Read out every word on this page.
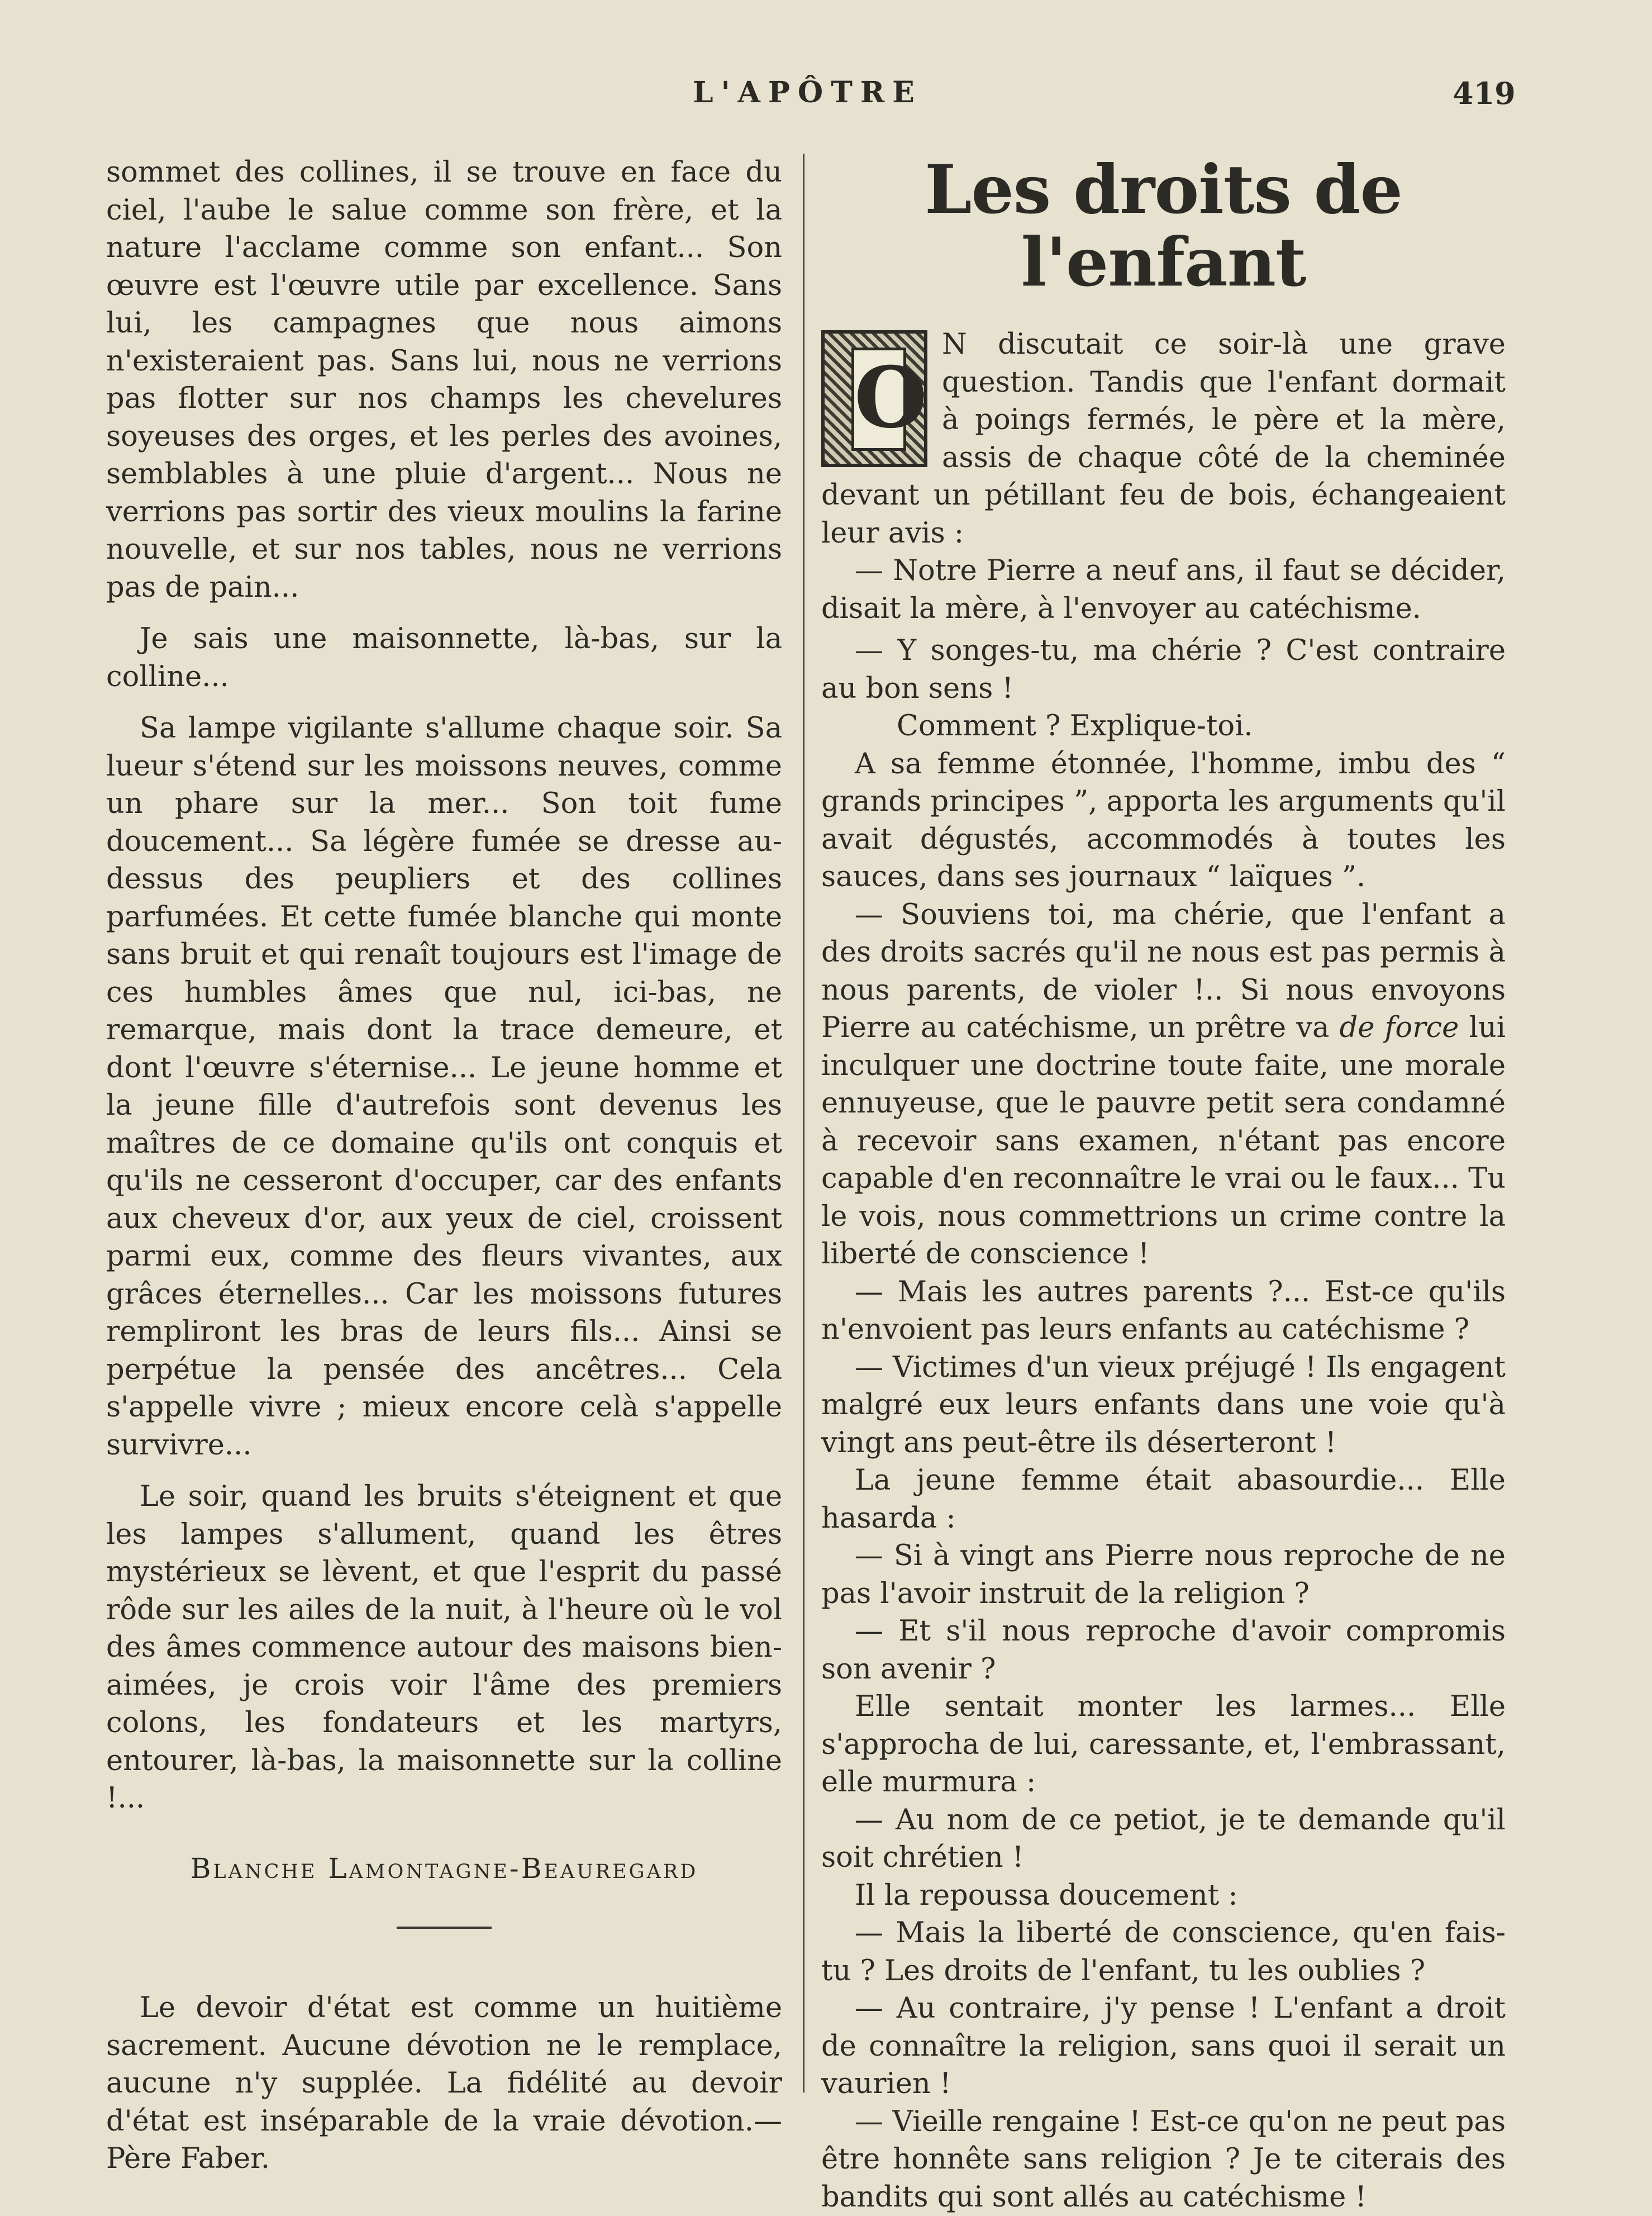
L'APÔTRE	419

sommet des collines, il se trouve en face du ciel, l'aube le salue comme son frère, et la nature l'acclame comme son enfant... Son œuvre est l'œuvre utile par excellence. Sans lui, les campagnes que nous aimons n'existeraient pas. Sans lui, nous ne verrions pas flotter sur nos champs les chevelures soyeuses des orges, et les perles des avoines, semblables à une pluie d'argent... Nous ne verrions pas sortir des vieux moulins la farine nouvelle, et sur nos tables, nous ne verrions pas de pain...

Je sais une maisonnette, là-bas, sur la colline...

Sa lampe vigilante s'allume chaque soir. Sa lueur s'étend sur les moissons neuves, comme un phare sur la mer... Son toit fume doucement... Sa légère fumée se dresse au-dessus des peupliers et des collines parfumées. Et cette fumée blanche qui monte sans bruit et qui renaît toujours est l'image de ces humbles âmes que nul, ici-bas, ne remarque, mais dont la trace demeure, et dont l'œuvre s'éternise... Le jeune homme et la jeune fille d'autrefois sont devenus les maîtres de ce domaine qu'ils ont conquis et qu'ils ne cesseront d'occuper, car des enfants aux cheveux d'or, aux yeux de ciel, croissent parmi eux, comme des fleurs vivantes, aux grâces éternelles... Car les moissons futures rempliront les bras de leurs fils... Ainsi se perpétue la pensée des ancêtres... Cela s'appelle vivre ; mieux encore celà s'appelle survivre...

Le soir, quand les bruits s'éteignent et que les lampes s'allument, quand les êtres mystérieux se lèvent, et que l'esprit du passé rôde sur les ailes de la nuit, à l'heure où le vol des âmes commence autour des maisons bien-aimées, je crois voir l'âme des premiers colons, les fondateurs et les martyrs, entourer, là-bas, la maisonnette sur la colline !...

Blanche Lamontagne-Beauregard

Le devoir d'état est comme un huitième sacrement. Aucune dévotion ne le remplace, aucune n'y supplée. La fidélité au devoir d'état est inséparable de la vraie dévotion.— Père Faber.

Les droits de l'enfant
O

N discutait ce soir-là une grave question. Tandis que l'enfant dormait à poings fermés, le père et la mère, assis de chaque côté de la cheminée devant un pétillant feu de bois, échangeaient leur avis :

— Notre Pierre a neuf ans, il faut se décider, disait la mère, à l'envoyer au catéchisme.

— Y songes-tu, ma chérie ? C'est contraire au bon sens !

Comment ? Explique-toi.

A sa femme étonnée, l'homme, imbu des “ grands principes ”, apporta les arguments qu'il avait dégustés, accommodés à toutes les sauces, dans ses journaux “ laïques ”.

— Souviens toi, ma chérie, que l'enfant a des droits sacrés qu'il ne nous est pas permis à nous parents, de violer !.. Si nous envoyons Pierre au catéchisme, un prêtre va de force lui inculquer une doctrine toute faite, une morale ennuyeuse, que le pauvre petit sera condamné à recevoir sans examen, n'étant pas encore capable d'en reconnaître le vrai ou le faux... Tu le vois, nous commettrions un crime contre la liberté de conscience !

— Mais les autres parents ?... Est-ce qu'ils n'envoient pas leurs enfants au catéchisme ?

— Victimes d'un vieux préjugé ! Ils engagent malgré eux leurs enfants dans une voie qu'à vingt ans peut-être ils déserteront !

La jeune femme était abasourdie... Elle hasarda :

— Si à vingt ans Pierre nous reproche de ne pas l'avoir instruit de la religion ?

— Et s'il nous reproche d'avoir compromis son avenir ?

Elle sentait monter les larmes... Elle s'approcha de lui, caressante, et, l'embrassant, elle murmura :

— Au nom de ce petiot, je te demande qu'il soit chrétien !

Il la repoussa doucement :

— Mais la liberté de conscience, qu'en fais-tu ? Les droits de l'enfant, tu les oublies ?

— Au contraire, j'y pense ! L'enfant a droit de connaître la religion, sans quoi il serait un vaurien !

— Vieille rengaine ! Est-ce qu'on ne peut pas être honnête sans religion ? Je te citerais des bandits qui sont allés au catéchisme !
